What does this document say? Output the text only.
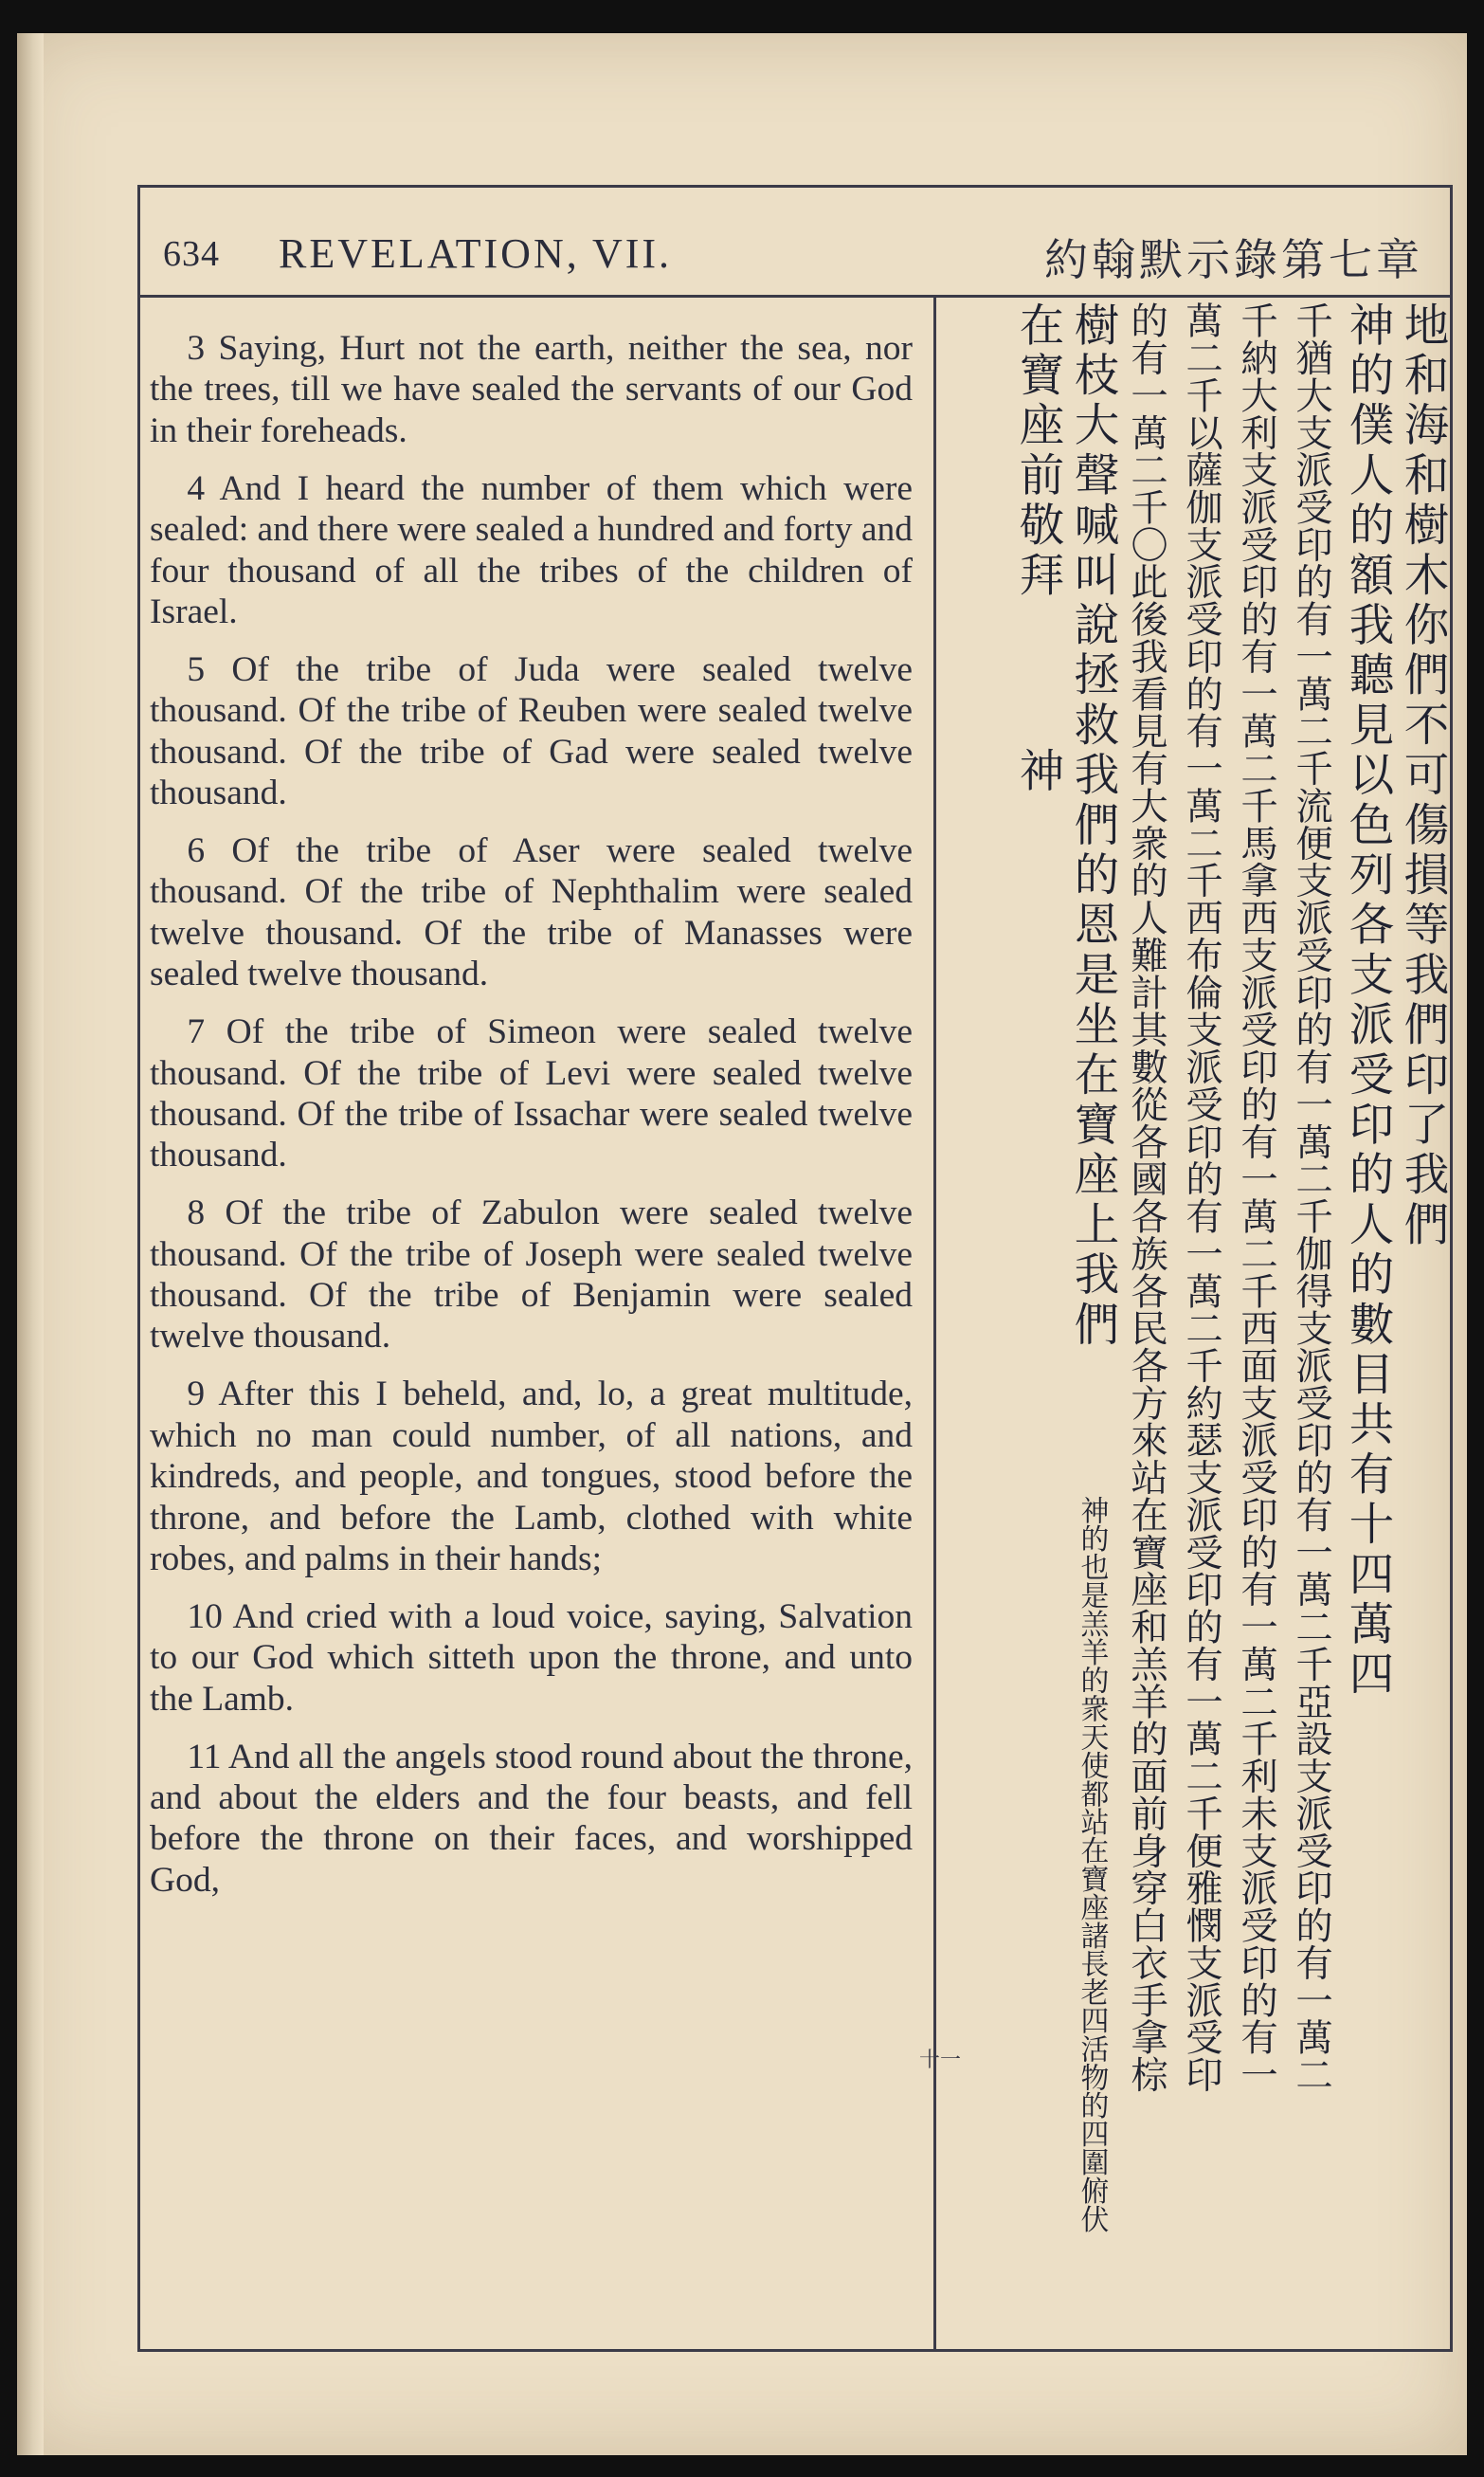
634 REVELATION, VII.	約翰默示錄第七章

3 Saying, Hurt not the earth, neither the sea, nor the trees, till we have sealed the servants of our God in their foreheads.

4 And I heard the number of them which were sealed: and there were sealed a hundred and forty and four thousand of all the tribes of the children of Israel.

5 Of the tribe of Juda were sealed twelve thousand. Of the tribe of Reuben were sealed twelve thousand. Of the tribe of Gad were sealed twelve thousand.

6 Of the tribe of Aser were sealed twelve thousand. Of the tribe of Nephthalim were sealed twelve thousand. Of the tribe of Manasses were sealed twelve thousand.

7 Of the tribe of Simeon were sealed twelve thousand. Of the tribe of Levi were sealed twelve thousand. Of the tribe of Issachar were sealed twelve thousand.

8 Of the tribe of Zabulon were sealed twelve thousand. Of the tribe of Joseph were sealed twelve thousand. Of the tribe of Benjamin were sealed twelve thousand.

9 After this I beheld, and, lo, a great multitude, which no man could number, of all nations, and kindreds, and people, and tongues, stood before the throne, and before the Lamb, clothed with white robes, and palms in their hands;

10 And cried with a loud voice, saying, Salvation to our God which sitteth upon the throne, and unto the Lamb.

11 And all the angels stood round about the throne, and about the elders and the four beasts, and fell before the throne on their faces, and worshipped God,

地和海和樹木你們不可傷損等我們印了我們
神的僕人的額我聽見以色列各支派受印的人的數目共有十四萬四
千猶大支派受印的有一萬二千流便支派受印的有一萬二千伽得支派受印的有一萬二千亞設支派受印的有一萬二
千納大利支派受印的有一萬二千馬拿西支派受印的有一萬二千西面支派受印的有一萬二千利未支派受印的有一
萬二千以薩伽支派受印的有一萬二千西布倫支派受印的有一萬二千約瑟支派受印的有一萬二千便雅憫支派受印
的有一萬二千〇此後我看見有大衆的人難計其數從各國各族各民各方來站在寶座和羔羊的面前身穿白衣手拿棕
樹枝大聲喊叫說拯救我們的恩是坐在寶座上我們
神的也是羔羊的衆天使都站在寶座諸長老四活物的四圍俯伏
在寶座前敬拜
神
十一
